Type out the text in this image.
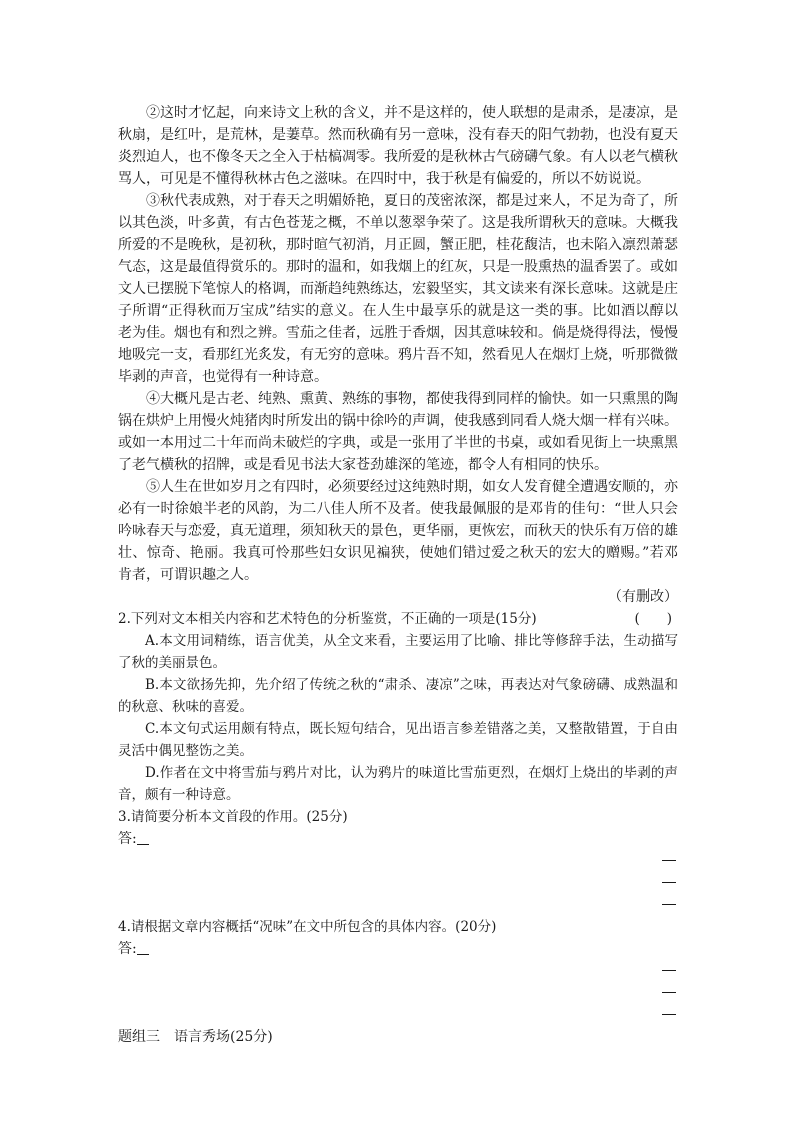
②这时才忆起，向来诗文上秋的含义，并不是这样的，使人联想的是肃杀，是凄凉，是秋扇，是红叶，是荒林，是萋草。然而秋确有另一意味，没有春天的阳气勃勃，也没有夏天炎烈迫人，也不像冬天之全入于枯槁凋零。我所爱的是秋林古气磅礴气象。有人以老气横秋骂人，可见是不懂得秋林古色之滋味。在四时中，我于秋是有偏爱的，所以不妨说说。

③秋代表成熟，对于春天之明媚娇艳，夏日的茂密浓深，都是过来人，不足为奇了，所以其色淡，叶多黄，有古色苍茏之概，不单以葱翠争荣了。这是我所谓秋天的意味。大概我所爱的不是晚秋，是初秋，那时暄气初消，月正圆，蟹正肥，桂花馥洁，也未陷入凛烈萧瑟气态，这是最值得赏乐的。那时的温和，如我烟上的红灰，只是一股熏热的温香罢了。或如文人已摆脱下笔惊人的格调，而渐趋纯熟练达，宏毅坚实，其文读来有深长意味。这就是庄子所谓“正得秋而万宝成”结实的意义。在人生中最享乐的就是这一类的事。比如酒以醇以老为佳。烟也有和烈之辨。雪茄之佳者，远胜于香烟，因其意味较和。倘是烧得得法，慢慢地吸完一支，看那红光炙发，有无穷的意味。鸦片吾不知，然看见人在烟灯上烧，听那微微毕剥的声音，也觉得有一种诗意。

④大概凡是古老、纯熟、熏黄、熟练的事物，都使我得到同样的愉快。如一只熏黑的陶锅在烘炉上用慢火炖猪肉时所发出的锅中徐吟的声调，使我感到同看人烧大烟一样有兴味。或如一本用过二十年而尚未破烂的字典，或是一张用了半世的书桌，或如看见街上一块熏黑了老气横秋的招牌，或是看见书法大家苍劲雄深的笔迹，都令人有相同的快乐。

⑤人生在世如岁月之有四时，必须要经过这纯熟时期，如女人发育健全遭遇安顺的，亦必有一时徐娘半老的风韵，为二八佳人所不及者。使我最佩服的是邓肯的佳句：“世人只会吟咏春天与恋爱，真无道理，须知秋天的景色，更华丽，更恢宏，而秋天的快乐有万倍的雄壮、惊奇、艳丽。我真可怜那些妇女识见褊狭，使她们错过爱之秋天的宏大的赠赐。”若邓肯者，可谓识趣之人。

（有删改）

2.下列对文本相关内容和艺术特色的分析鉴赏，不正确的一项是(15分)	(　　)

A.本文用词精练，语言优美，从全文来看，主要运用了比喻、排比等修辞手法，生动描写了秋的美丽景色。

B.本文欲扬先抑，先介绍了传统之秋的“肃杀、凄凉”之味，再表达对气象磅礴、成熟温和的秋意、秋味的喜爱。

C.本文句式运用颇有特点，既长短句结合，见出语言参差错落之美，又整散错置，于自由灵活中偶见整饬之美。

D.作者在文中将雪茄与鸦片对比，认为鸦片的味道比雪茄更烈，在烟灯上烧出的毕剥的声音，颇有一种诗意。

3.请简要分析本文首段的作用。(25分)

答:

4.请根据文章内容概括“况味”在文中所包含的具体内容。(20分)

答:

题组三　语言秀场(25分)
